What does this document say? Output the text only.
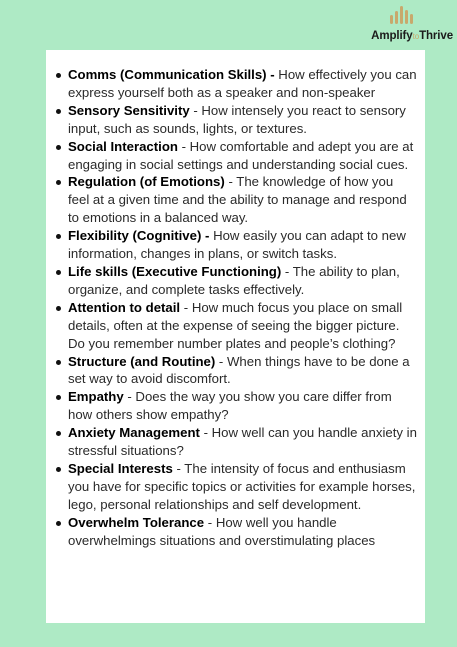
AmplifytoThrive
Comms (Communication Skills) - How effectively you can express yourself both as a speaker and non-speaker
Sensory Sensitivity - How intensely you react to sensory input, such as sounds, lights, or textures.
Social Interaction - How comfortable and adept you are at engaging in social settings and understanding social cues.
Regulation (of Emotions) - The knowledge of how you feel at a given time and the ability to manage and respond to emotions in a balanced way.
Flexibility (Cognitive) - How easily you can adapt to new information, changes in plans, or switch tasks.
Life skills (Executive Functioning) - The ability to plan, organize, and complete tasks effectively.
Attention to detail - How much focus you place on small details, often at the expense of seeing the bigger picture. Do you remember number plates and people’s clothing?
Structure (and Routine) - When things have to be done a set way to avoid discomfort.
Empathy - Does the way you show you care differ from how others show empathy?
Anxiety Management - How well can you handle anxiety in stressful situations?
Special Interests - The intensity of focus and enthusiasm you have for specific topics or activities for example horses, lego, personal relationships and self development.
Overwhelm Tolerance - How well you handle overwhelmings situations and overstimulating places
